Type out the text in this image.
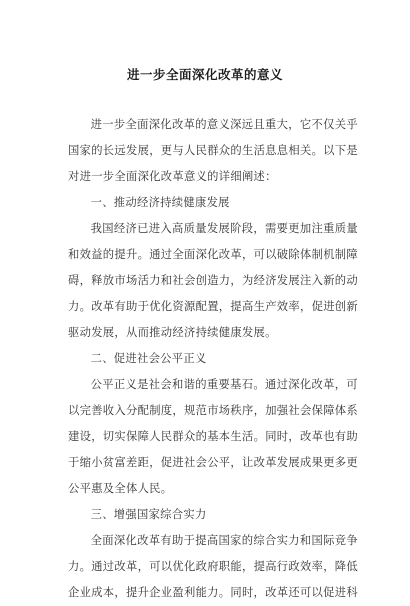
进一步全面深化改革的意义

进一步全面深化改革的意义深远且重大，它不仅关乎国家的长远发展，更与人民群众的生活息息相关。以下是对进一步全面深化改革意义的详细阐述：

一、推动经济持续健康发展

我国经济已进入高质量发展阶段，需要更加注重质量和效益的提升。通过全面深化改革，可以破除体制机制障碍，释放市场活力和社会创造力，为经济发展注入新的动力。改革有助于优化资源配置，提高生产效率，促进创新驱动发展，从而推动经济持续健康发展。

二、促进社会公平正义

公平正义是社会和谐的重要基石。通过深化改革，可以完善收入分配制度，规范市场秩序，加强社会保障体系建设，切实保障人民群众的基本生活。同时，改革也有助于缩小贫富差距，促进社会公平，让改革发展成果更多更公平惠及全体人民。

三、增强国家综合实力

全面深化改革有助于提高国家的综合实力和国际竞争力。通过改革，可以优化政府职能，提高行政效率，降低企业成本，提升企业盈利能力。同时，改革还可以促进科
